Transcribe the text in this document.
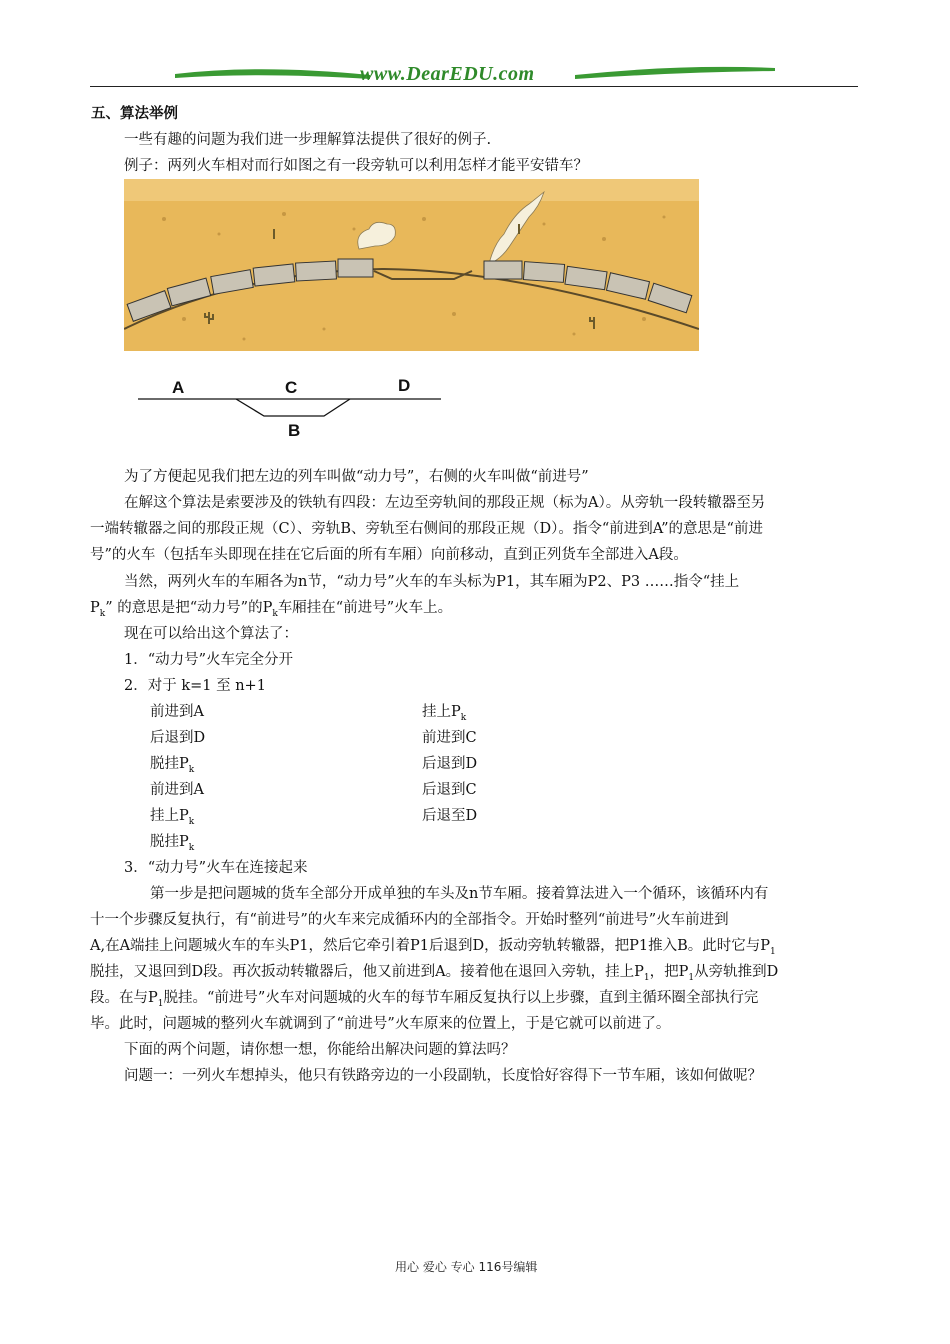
www.DearEDU.com
五、算法举例
一些有趣的问题为我们进一步理解算法提供了很好的例子.
例子：两列火车相对而行如图之有一段旁轨可以利用怎样才能平安错车？
A	C	D
B
为了方便起见我们把左边的列车叫做“动力号”，右侧的火车叫做“前进号”
在解这个算法是索要涉及的铁轨有四段：左边至旁轨间的那段正规（标为A）。从旁轨一段转辙器至另
一端转辙器之间的那段正规（C）、旁轨B、旁轨至右侧间的那段正规（D）。指令“前进到A”的意思是“前进
号”的火车（包括车头即现在挂在它后面的所有车厢）向前移动，直到正列货车全部进入A段。
当然，两列火车的车厢各为n节，“动力号”火车的车头标为P1，其车厢为P2、P3 ……指令“挂上
$P_k$” 的意思是把“动力号”的$P_k$车厢挂在“前进号”火车上。
现在可以给出这个算法了：
1．“动力号”火车完全分开
2．对于 k=1 至 n+1
前进到A
后退到D
脱挂$P_k$
前进到A
挂上$P_k$
脱挂$P_k$
挂上$P_k$
前进到C
后退到D
后退到C
后退至D
3．“动力号”火车在连接起来
第一步是把问题城的货车全部分开成单独的车头及n节车厢。接着算法进入一个循环，该循环内有
十一个步骤反复执行，有“前进号”的火车来完成循环内的全部指令。开始时整列“前进号”火车前进到
A,在A端挂上问题城火车的车头P1，然后它牵引着P1后退到D，扳动旁轨转辙器，把P1推入B。此时它与$P_1$
脱挂，又退回到D段。再次扳动转辙器后，他又前进到A。接着他在退回入旁轨，挂上$P_1$，把$P_1$从旁轨推到D
段。在与$P_1$脱挂。“前进号”火车对问题城的火车的每节车厢反复执行以上步骤，直到主循环圈全部执行完
毕。此时，问题城的整列火车就调到了“前进号”火车原来的位置上，于是它就可以前进了。
下面的两个问题，请你想一想，你能给出解决问题的算法吗？
问题一：一列火车想掉头，他只有铁路旁边的一小段副轨，长度恰好容得下一节车厢，该如何做呢？
用心 爱心 专心 116号编辑
